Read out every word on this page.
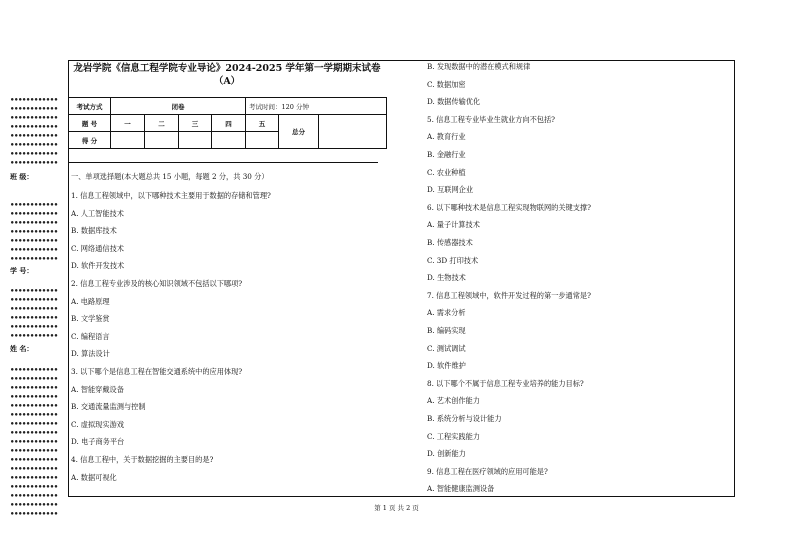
龙岩学院《信息工程学院专业导论》2024-2025 学年第一学期期末试卷（A）
考试方式	闭卷				考试时间：120 分钟		
题 号	一	二	三	四	五	总分	
得 分							
一、单项选择题(本大题总共 15 小题，每题 2 分，共 30 分）
1. 信息工程领域中，以下哪种技术主要用于数据的存储和管理?
A. 人工智能技术
B. 数据库技术
C. 网络通信技术
D. 软件开发技术
2. 信息工程专业涉及的核心知识领域不包括以下哪项?
A. 电路原理
B. 文学鉴赏
C. 编程语言
D. 算法设计
3. 以下哪个是信息工程在智能交通系统中的应用体现?
A. 智能穿戴设备
B. 交通流量监测与控制
C. 虚拟现实游戏
D. 电子商务平台
4. 信息工程中，关于数据挖掘的主要目的是?
A. 数据可视化
B. 发现数据中的潜在模式和规律
C. 数据加密
D. 数据传输优化
5. 信息工程专业毕业生就业方向不包括?
A. 教育行业
B. 金融行业
C. 农业种植
D. 互联网企业
6. 以下哪种技术是信息工程实现物联网的关键支撑?
A. 量子计算技术
B. 传感器技术
C. 3D 打印技术
D. 生物技术
7. 信息工程领域中，软件开发过程的第一步通常是?
A. 需求分析
B. 编码实现
C. 测试调试
D. 软件维护
8. 以下哪个不属于信息工程专业培养的能力目标?
A. 艺术创作能力
B. 系统分析与设计能力
C. 工程实践能力
D. 创新能力
9. 信息工程在医疗领域的应用可能是?
A. 智能健康监测设备
••••••••••••
••••••••••••
••••••••••••
••••••••••••
••••••••••••
••••••••••••
••••••••••••
••••••••••••
••••••••••••
••••••••••••
••••••••••••
••••••••••••
••••••••••••
••••••••••••
••••••••••••
••••••••••••
••••••••••••
••••••••••••
••••••••••••
••••••••••••
••••••••••••
••••••••••••
••••••••••••
••••••••••••
••••••••••••
••••••••••••
••••••••••••
••••••••••••
••••••••••••
••••••••••••
••••••••••••
••••••••••••
••••••••••••
••••••••••••
••••••••••••
••••••••••••
••••••••••••
••••••••••••
班 级：
学 号：
姓 名：
第 1 页 共 2 页
